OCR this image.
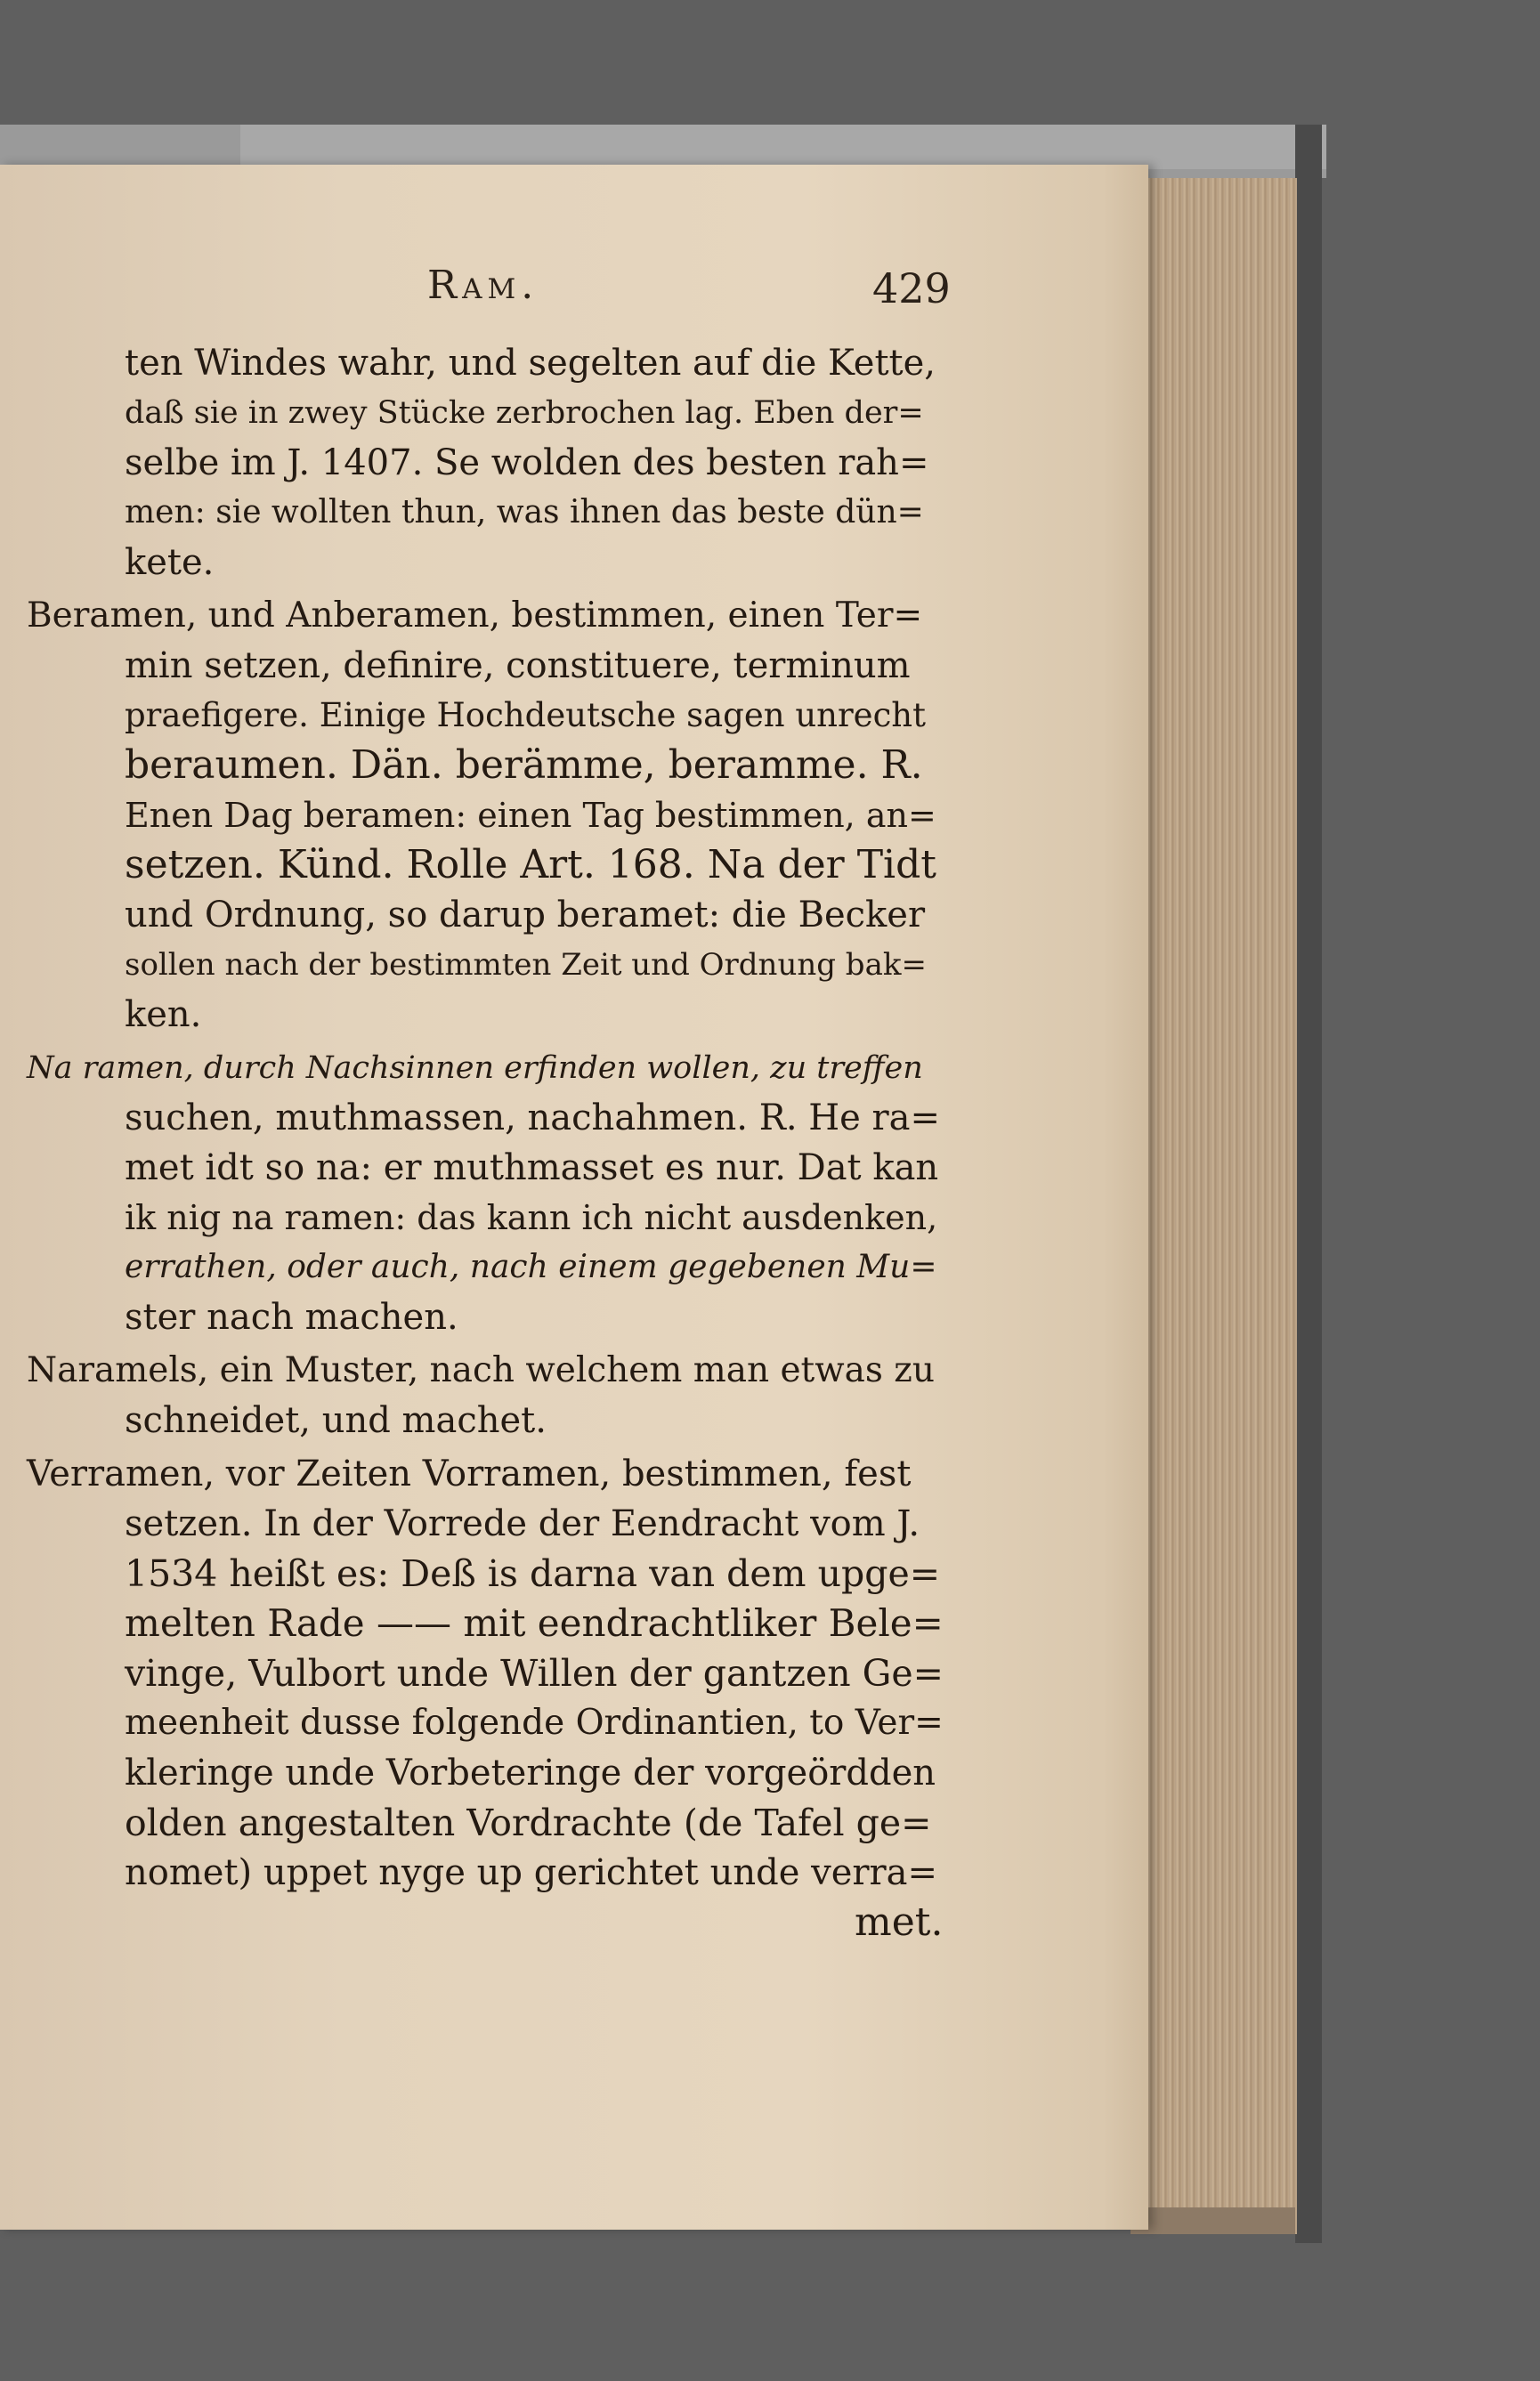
Ram.	429
ten Windes wahr, und segelten auf die Kette,
daß sie in zwey Stücke zerbrochen lag. Eben der=
selbe im J. 1407. Se wolden des besten rah=
men: sie wollten thun, was ihnen das beste dün=
kete.
Beramen, und Anberamen, bestimmen, einen Ter=
min setzen, definire, constituere, terminum
praefigere. Einige Hochdeutsche sagen unrecht
beraumen. Dän. berämme, beramme. R.
Enen Dag beramen: einen Tag bestimmen, an=
setzen. Künd. Rolle Art. 168. Na der Tidt
und Ordnung, so darup beramet: die Becker
sollen nach der bestimmten Zeit und Ordnung bak=
ken.
Na ramen, durch Nachsinnen erfinden wollen, zu treffen
suchen, muthmassen, nachahmen. R. He ra=
met idt so na: er muthmasset es nur. Dat kan
ik nig na ramen: das kann ich nicht ausdenken,
errathen, oder auch, nach einem gegebenen Mu=
ster nach machen.
Naramels, ein Muster, nach welchem man etwas zu
schneidet, und machet.
Verramen, vor Zeiten Vorramen, bestimmen, fest
setzen. In der Vorrede der Eendracht vom J.
1534 heißt es: Deß is darna van dem upge=
melten Rade —— mit eendrachtliker Bele=
vinge, Vulbort unde Willen der gantzen Ge=
meenheit dusse folgende Ordinantien, to Ver=
kleringe unde Vorbeteringe der vorgeördden
olden angestalten Vordrachte (de Tafel ge=
nomet) uppet nyge up gerichtet unde verra=
met.
